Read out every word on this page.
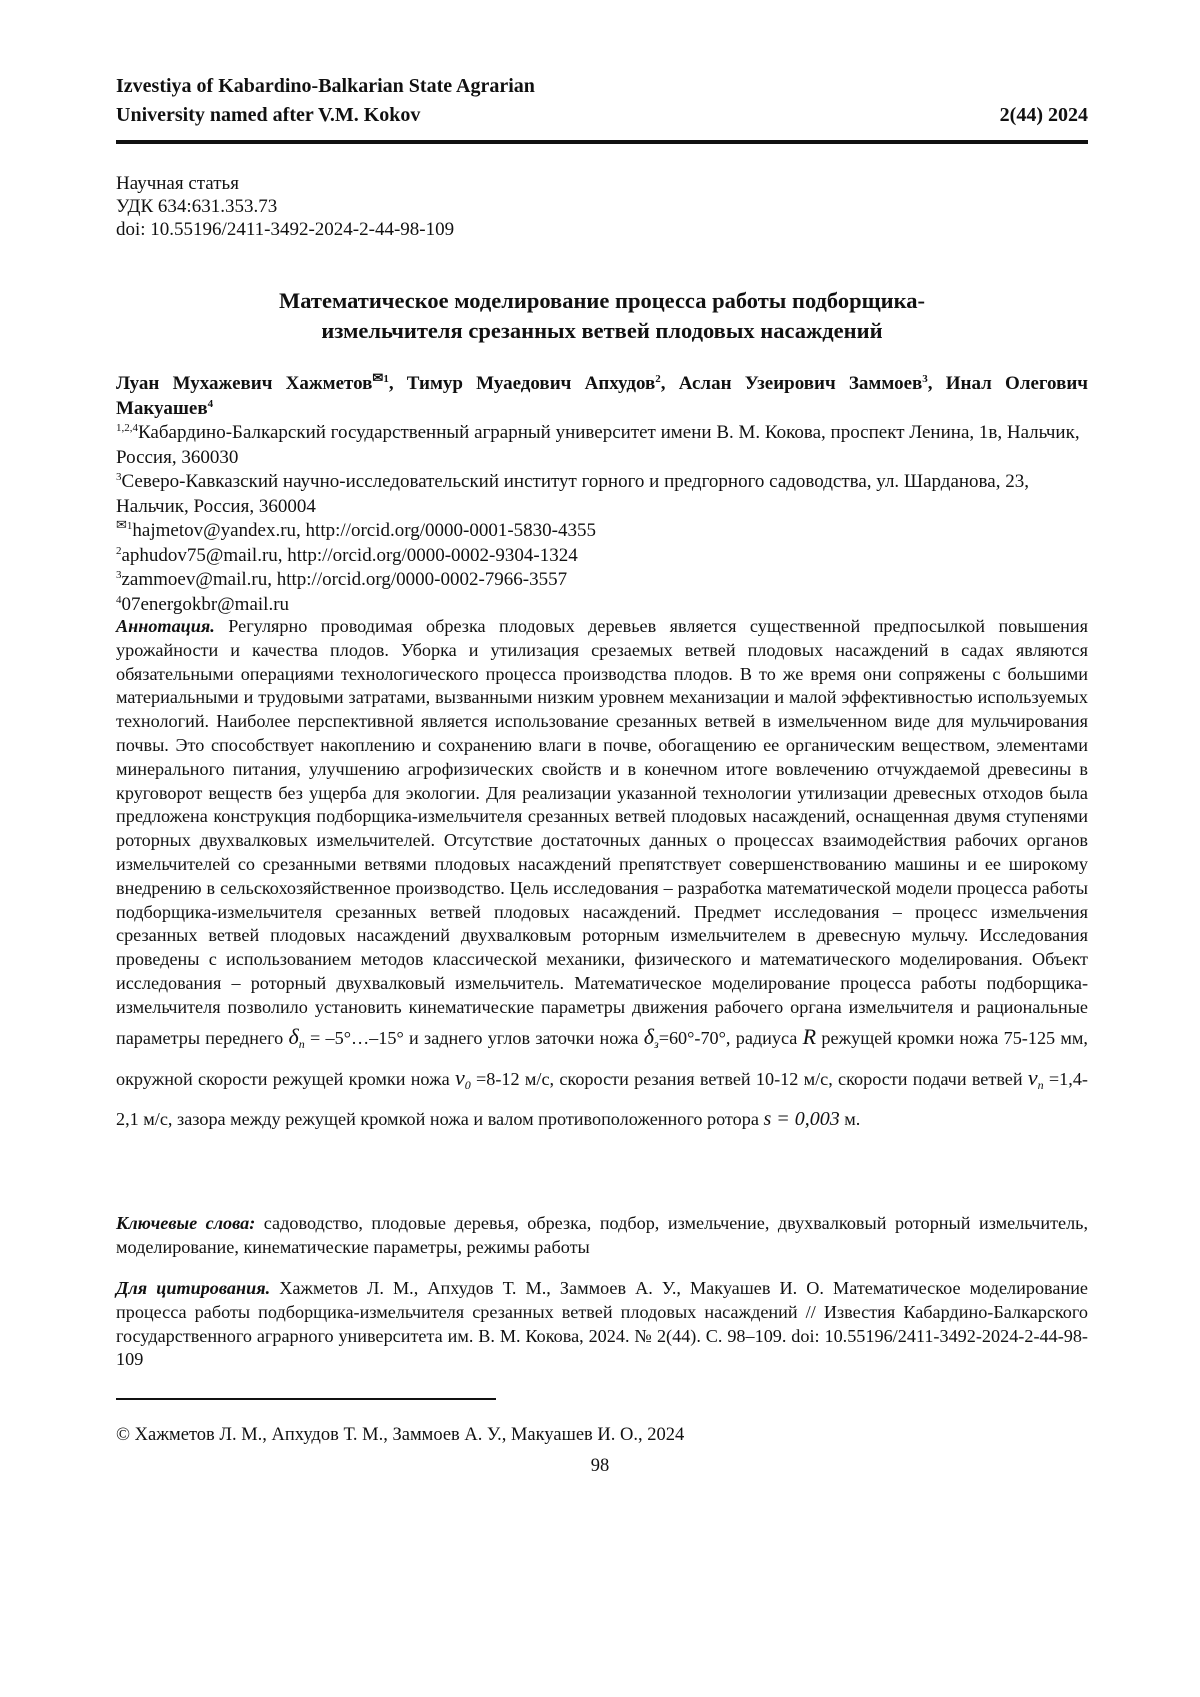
Izvestiya of Kabardino-Balkarian State Agrarian
University named after V.M. Kokov	2(44) 2024
Научная статья
УДК 634:631.353.73
doi: 10.55196/2411-3492-2024-2-44-98-109
Математическое моделирование процесса работы подборщика-
измельчителя срезанных ветвей плодовых насаждений
Луан Мухажевич Хажметов$^{✉1}$, Тимур Муаедович Апхудов$^2$, Аслан Узеирович Заммоев$^3$, Инал Олегович Макуашев$^4$
$^{1,2,4}$Кабардино-Балкарский государственный аграрный университет имени В. М. Кокова, проспект Ленина, 1в, Нальчик, Россия, 360030
$^3$Северо-Кавказский научно-исследовательский институт горного и предгорного садоводства, ул. Шарданова, 23, Нальчик, Россия, 360004
$^{✉1}$hajmetov@yandex.ru, http://orcid.org/0000-0001-5830-4355
$^2$aphudov75@mail.ru, http://orcid.org/0000-0002-9304-1324
$^3$zammoev@mail.ru, http://orcid.org/0000-0002-7966-3557
$^4$07energokbr@mail.ru
Аннотация. Регулярно проводимая обрезка плодовых деревьев является существенной предпосылкой повышения урожайности и качества плодов. Уборка и утилизация срезаемых ветвей плодовых насаждений в садах являются обязательными операциями технологического процесса производства плодов. В то же время они сопряжены с большими материальными и трудовыми затратами, вызванными низким уровнем механизации и малой эффективностью используемых технологий. Наиболее перспективной является использование срезанных ветвей в измельченном виде для мульчирования почвы. Это способствует накоплению и сохранению влаги в почве, обогащению ее органическим веществом, элементами минерального питания, улучшению агрофизических свойств и в конечном итоге вовлечению отчуждаемой древесины в круговорот веществ без ущерба для экологии. Для реализации указанной технологии утилизации древесных отходов была предложена конструкция подборщика-измельчителя срезанных ветвей плодовых насаждений, оснащенная двумя ступенями роторных двухвалковых измельчителей. Отсутствие достаточных данных о процессах взаимодействия рабочих органов измельчителей со срезанными ветвями плодовых насаждений препятствует совершенствованию машины и ее широкому внедрению в сельскохозяйственное производство. Цель исследования – разработка математической модели процесса работы подборщика-измельчителя срезанных ветвей плодовых насаждений. Предмет исследования – процесс измельчения срезанных ветвей плодовых насаждений двухвалковым роторным измельчителем в древесную мульчу. Исследования проведены с использованием методов классической механики, физического и математического моделирования. Объект исследования – роторный двухвалковый измельчитель. Математическое моделирование процесса работы подборщика-измельчителя позволило установить кинематические параметры движения рабочего органа измельчителя и рациональные параметры переднего $\delta_п$ = –5°…–15° и заднего углов заточки ножа $\delta_з=60^\circ-70^\circ$, радиуса R режущей кромки ножа 75-125 мм, окружной скорости режущей кромки ножа $v_0 =8-12$ м/с, скорости резания ветвей 10-12 м/с, скорости подачи ветвей $v_п =1,4-2,1$ м/с, зазора между режущей кромкой ножа и валом противоположенного ротора s = 0,003 м.
Ключевые слова: садоводство, плодовые деревья, обрезка, подбор, измельчение, двухвалковый роторный измельчитель, моделирование, кинематические параметры, режимы работы
Для цитирования. Хажметов Л. М., Апхудов Т. М., Заммоев А. У., Макуашев И. О. Математическое моделирование процесса работы подборщика-измельчителя срезанных ветвей плодовых насаждений // Известия Кабардино-Балкарского государственного аграрного университета им. В. М. Кокова, 2024. № 2(44). С. 98–109. doi: 10.55196/2411-3492-2024-2-44-98-109
© Хажметов Л. М., Апхудов Т. М., Заммоев А. У., Макуашев И. О., 2024
98
